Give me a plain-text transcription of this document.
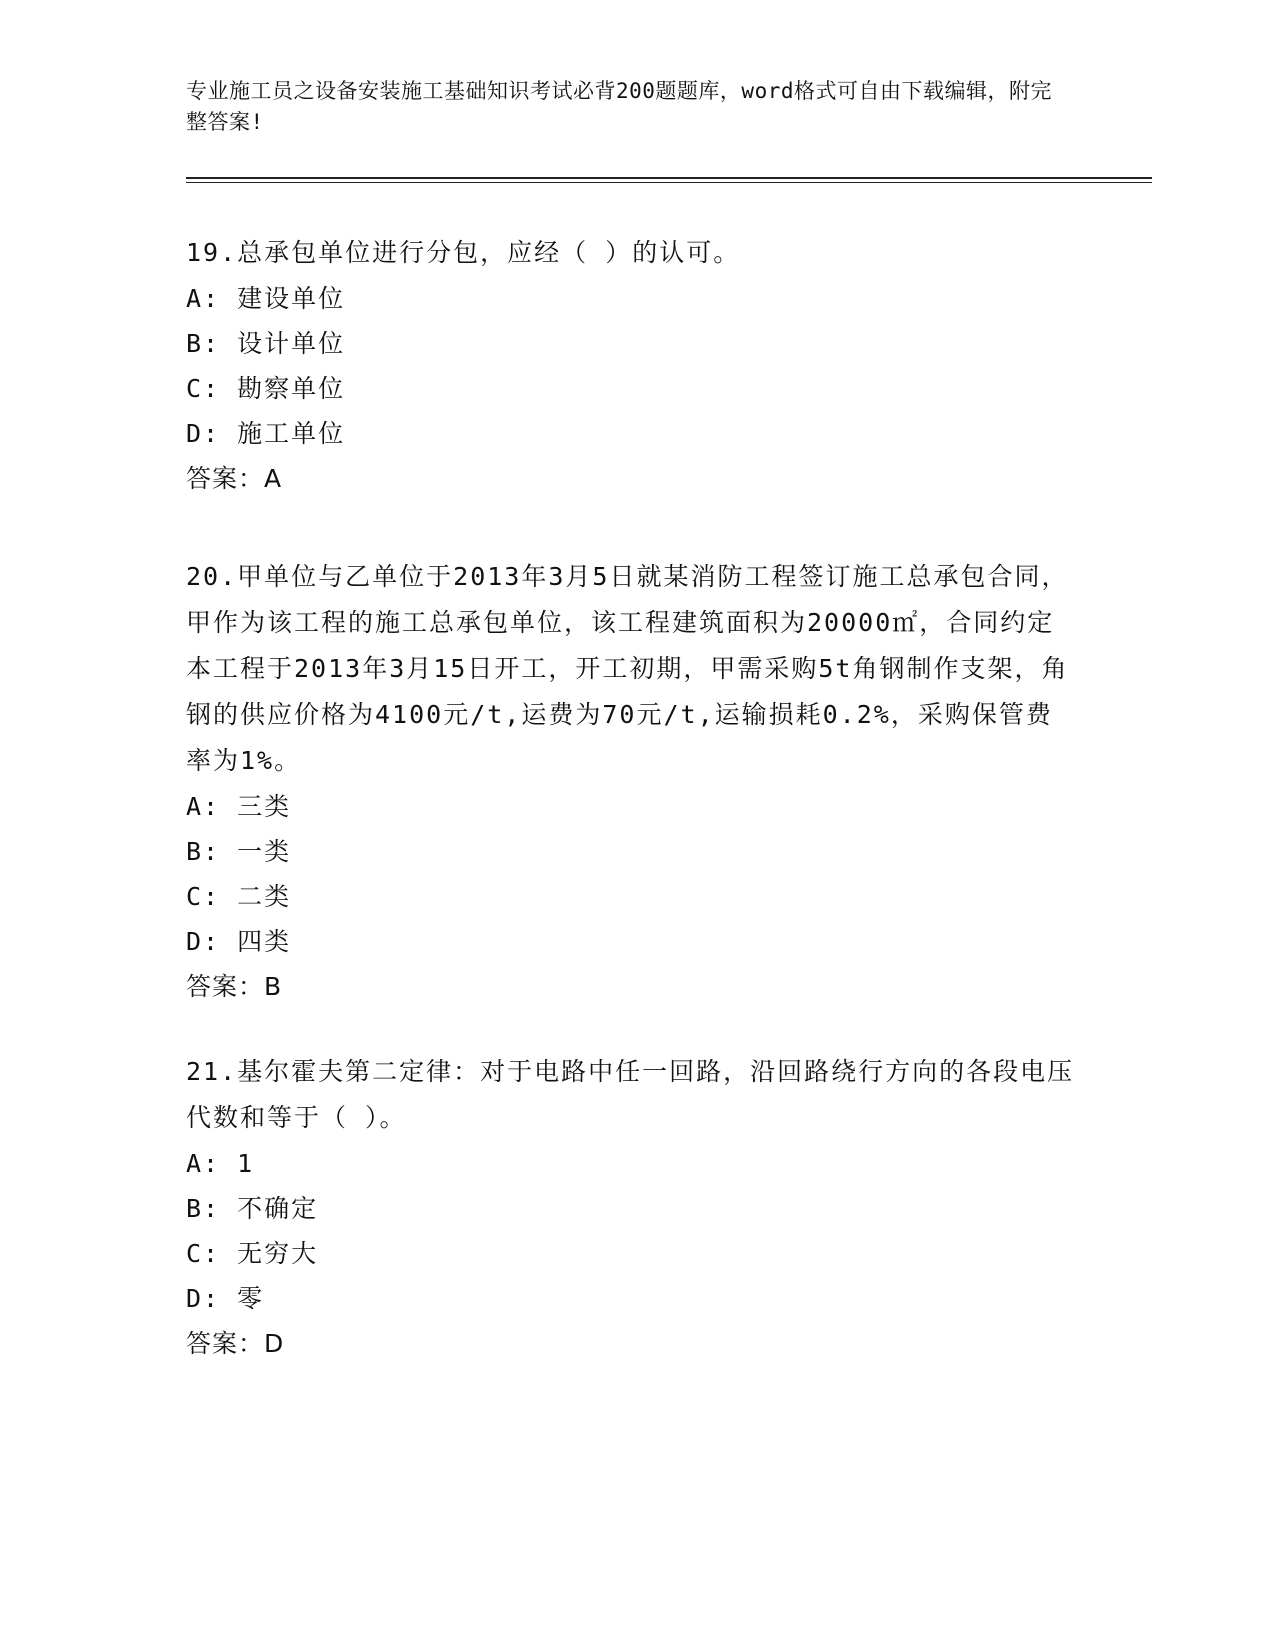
专业施工员之设备安装施工基础知识考试必背200题题库，word格式可自由下载编辑，附完整答案!
19.总承包单位进行分包，应经（ ）的认可。
A: 建设单位
B: 设计单位
C: 勘察单位
D: 施工单位
答案：A
20.甲单位与乙单位于2013年3月5日就某消防工程签订施工总承包合同，甲作为该工程的施工总承包单位，该工程建筑面积为20000㎡，合同约定本工程于2013年3月15日开工，开工初期，甲需采购5t角钢制作支架，角钢的供应价格为4100元/t,运费为70元/t,运输损耗0.2%，采购保管费率为1%。
A: 三类
B: 一类
C: 二类
D: 四类
答案：B
21.基尔霍夫第二定律：对于电路中任一回路，沿回路绕行方向的各段电压代数和等于（ ）。
A: 1
B: 不确定
C: 无穷大
D: 零
答案：D
